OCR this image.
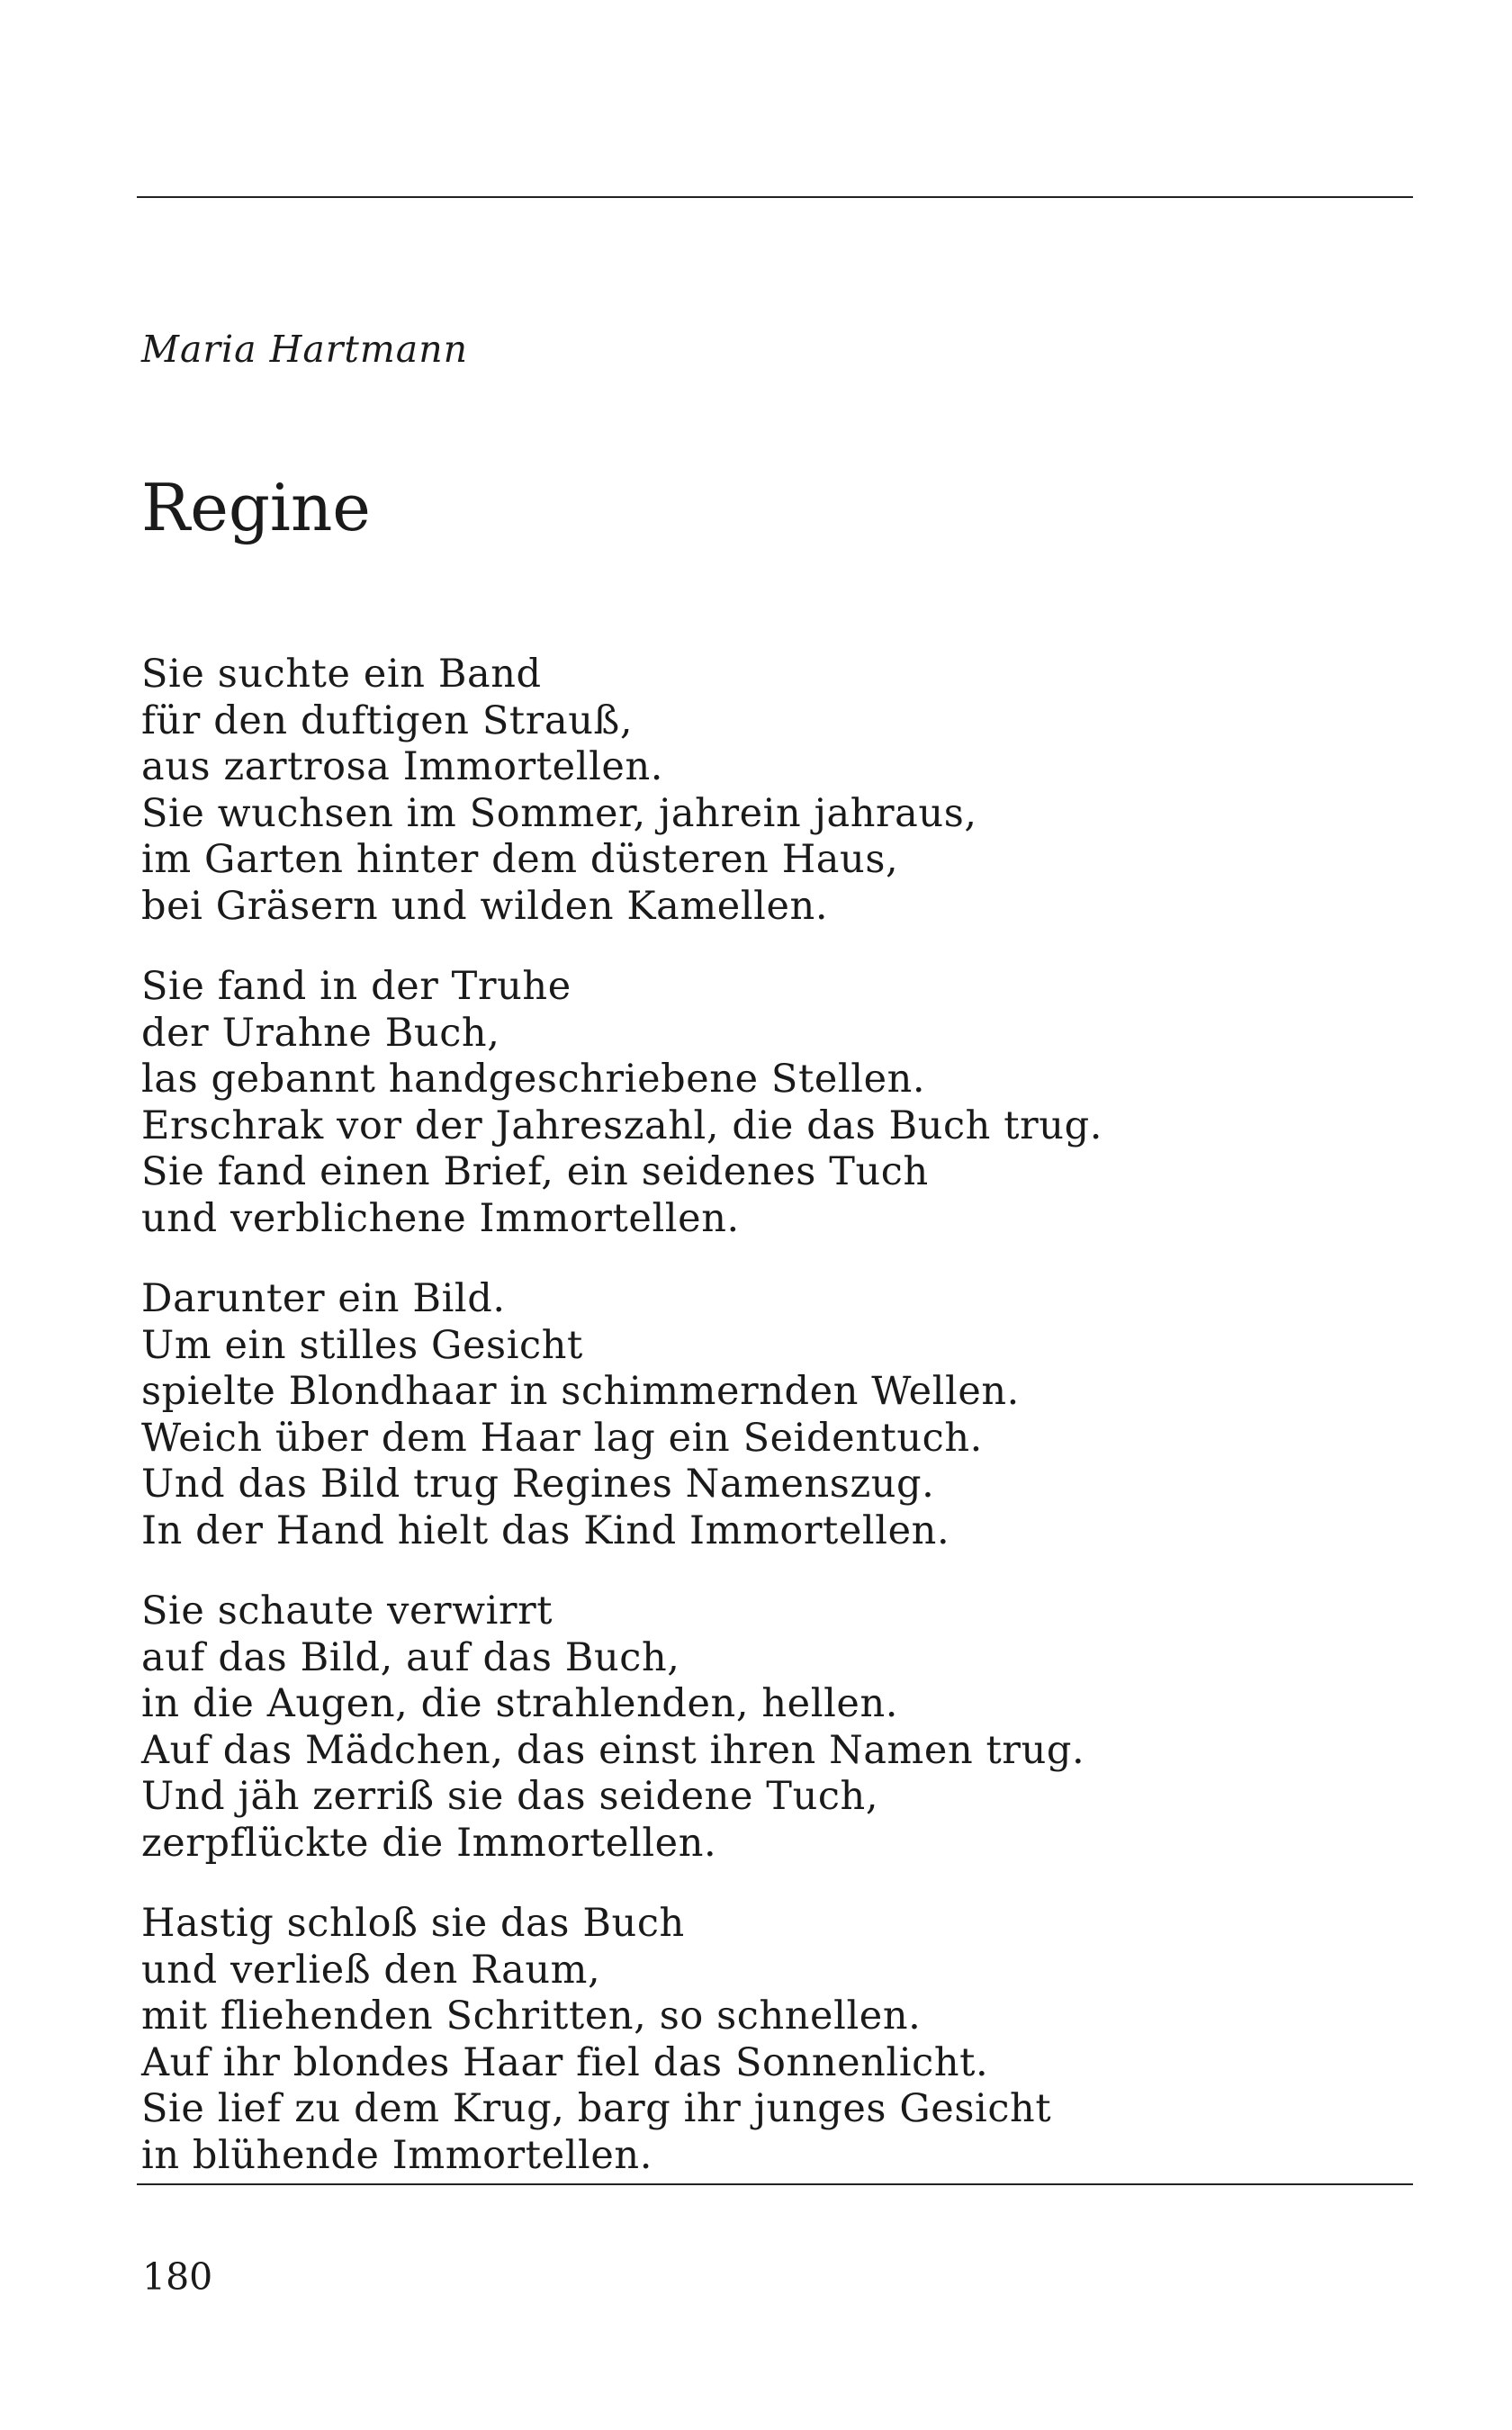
Maria Hartmann
Regine
Sie suchte ein Band
für den duftigen Strauß,
aus zartrosa Immortellen.
Sie wuchsen im Sommer, jahrein jahraus,
im Garten hinter dem düsteren Haus,
bei Gräsern und wilden Kamellen.
Sie fand in der Truhe
der Urahne Buch,
las gebannt handgeschriebene Stellen.
Erschrak vor der Jahreszahl, die das Buch trug.
Sie fand einen Brief, ein seidenes Tuch
und verblichene Immortellen.
Darunter ein Bild.
Um ein stilles Gesicht
spielte Blondhaar in schimmernden Wellen.
Weich über dem Haar lag ein Seidentuch.
Und das Bild trug Regines Namenszug.
In der Hand hielt das Kind Immortellen.
Sie schaute verwirrt
auf das Bild, auf das Buch,
in die Augen, die strahlenden, hellen.
Auf das Mädchen, das einst ihren Namen trug.
Und jäh zerriß sie das seidene Tuch,
zerpflückte die Immortellen.
Hastig schloß sie das Buch
und verließ den Raum,
mit fliehenden Schritten, so schnellen.
Auf ihr blondes Haar fiel das Sonnenlicht.
Sie lief zu dem Krug, barg ihr junges Gesicht
in blühende Immortellen.
180
